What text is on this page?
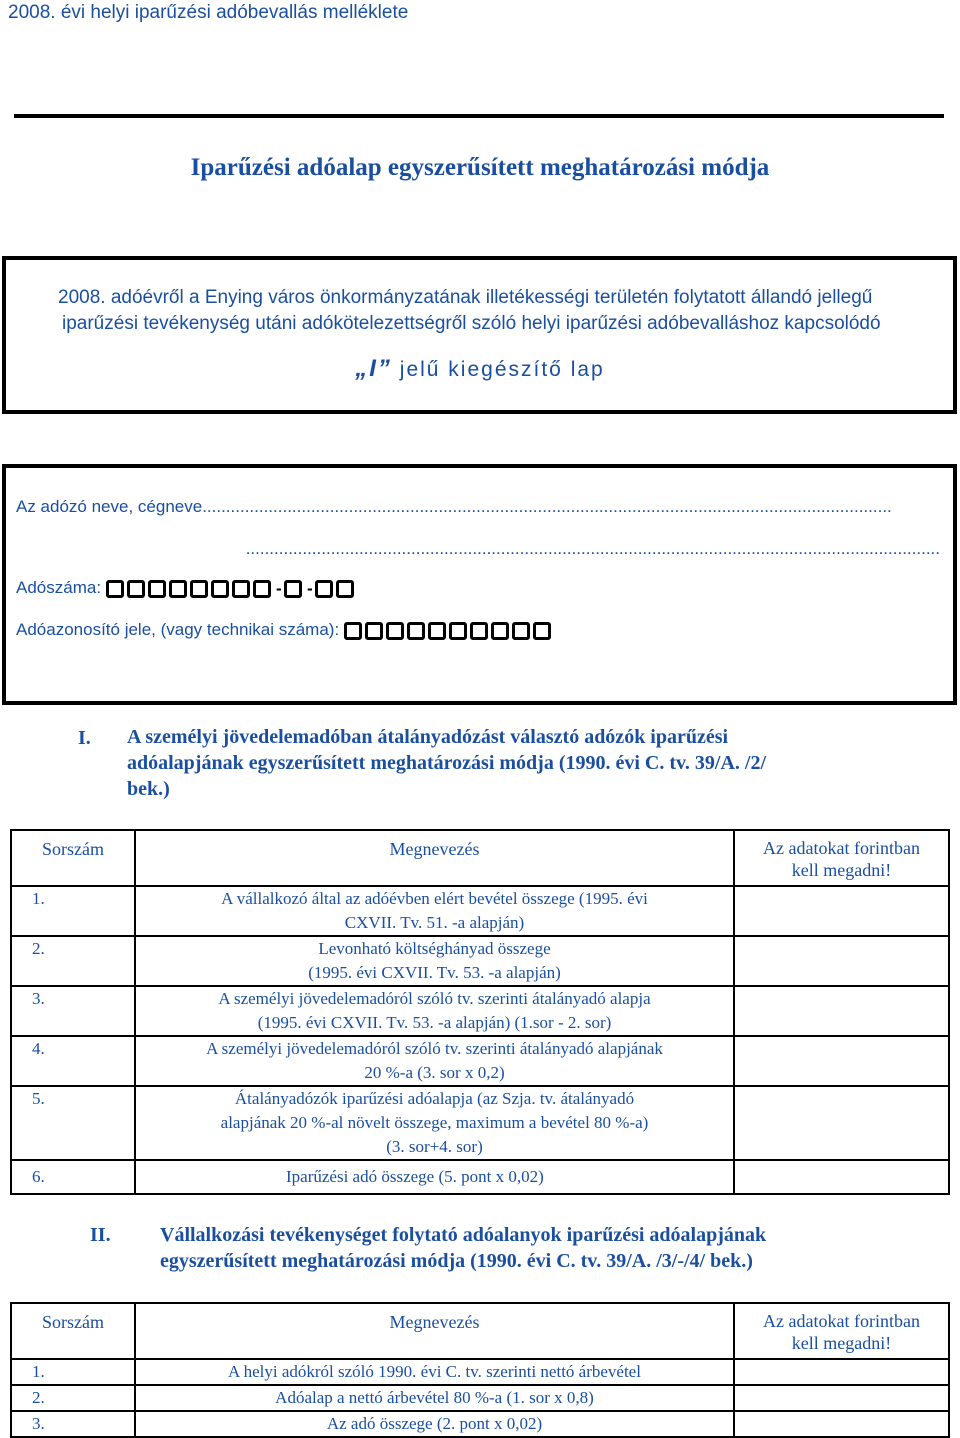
2008. évi helyi iparűzési adóbevallás melléklete
Iparűzési adóalap egyszerűsített meghatározási módja
2008. adóévről a Enying város önkormányzatának illetékességi területén folytatott állandó jellegű
iparűzési tevékenység utáni adókötelezettségről szóló helyi iparűzési adóbevalláshoz kapcsolódó
„I” jelű kiegészítő lap
Az adózó neve, cégneve..................................................................................................................................................
...................................................................................................................................................
Adószáma:	- -
Adóazonosító jele, (vagy technikai száma):
I. A személyi jövedelemadóban átalányadózást választó adózók iparűzési
adóalapjának egyszerűsített meghatározási módja (1990. évi C. tv. 39/A. /2/
bek.)
Sorszám	Megnevezés	Az adatokat forintban
kell megadni!

1.	A vállalkozó által az adóévben elért bevétel összege (1995. évi
CXVII. Tv. 51. -a alapján)	

2.	Levonható költséghányad összege
(1995. évi CXVII. Tv. 53. -a alapján)	

3.	A személyi jövedelemadóról szóló tv. szerinti átalányadó alapja
(1995. évi CXVII. Tv. 53. -a alapján) (1.sor - 2. sor)	

4.	A személyi jövedelemadóról szóló tv. szerinti átalányadó alapjának
20 %-a (3. sor x 0,2)	

5.	Átalányadózók iparűzési adóalapja (az Szja. tv. átalányadó
alapjának 20 %-al növelt összege, maximum a bevétel 80 %-a)
(3. sor+4. sor)	

6.	Iparűzési adó összege (5. pont x 0,02)	
II. Vállalkozási tevékenységet folytató adóalanyok iparűzési adóalapjának
egyszerűsített meghatározási módja (1990. évi C. tv. 39/A. /3/-/4/ bek.)
Sorszám	Megnevezés	Az adatokat forintban
kell megadni!

1.	A helyi adókról szóló 1990. évi C. tv. szerinti nettó árbevétel	
2.	Adóalap a nettó árbevétel 80 %-a (1. sor x 0,8)	
3.	Az adó összege (2. pont x 0,02)	
